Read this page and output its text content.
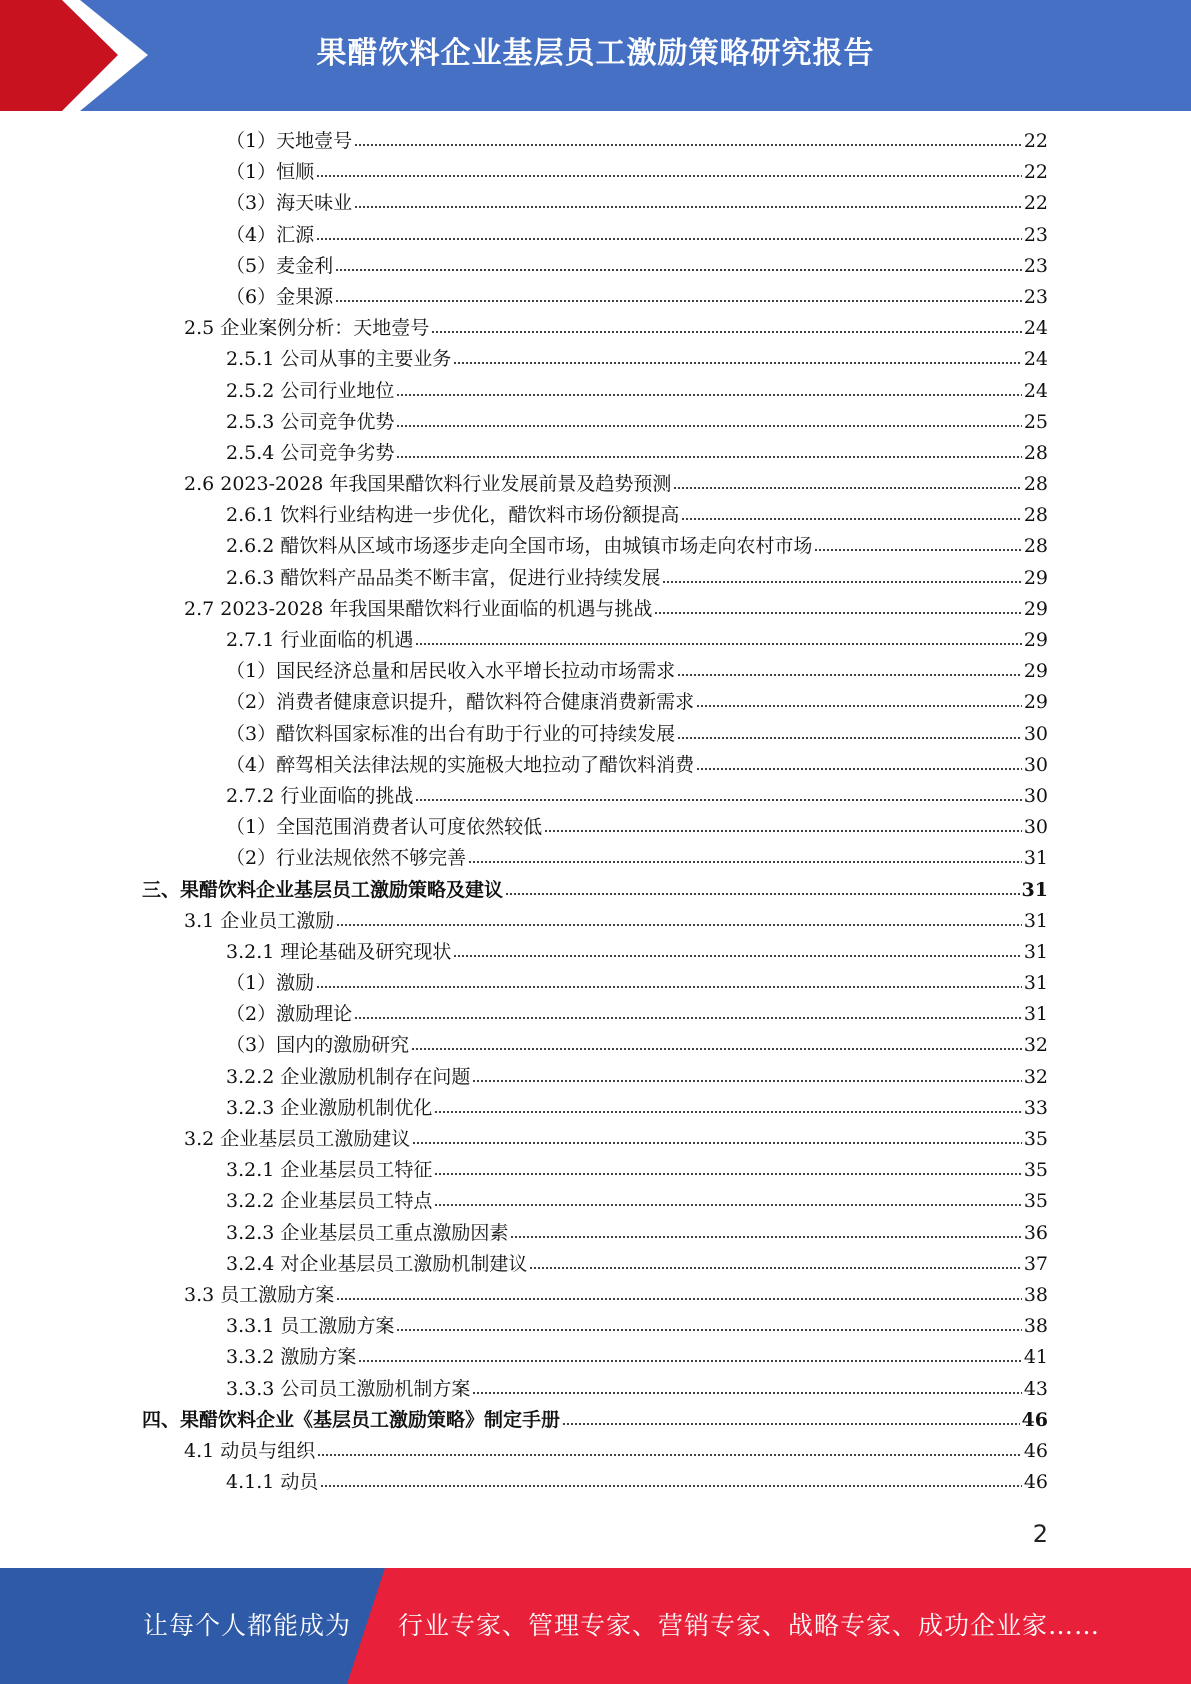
果醋饮料企业基层员工激励策略研究报告
（1）天地壹号	22
（1）恒顺	22
（3）海天味业	22
（4）汇源	23
（5）麦金利	23
（6）金果源	23
2.5 企业案例分析：天地壹号	24
2.5.1 公司从事的主要业务	24
2.5.2 公司行业地位	24
2.5.3 公司竞争优势	25
2.5.4 公司竞争劣势	28
2.6 2023-2028 年我国果醋饮料行业发展前景及趋势预测	28
2.6.1 饮料行业结构进一步优化，醋饮料市场份额提高	28
2.6.2 醋饮料从区域市场逐步走向全国市场，由城镇市场走向农村市场	28
2.6.3 醋饮料产品品类不断丰富，促进行业持续发展	29
2.7 2023-2028 年我国果醋饮料行业面临的机遇与挑战	29
2.7.1 行业面临的机遇	29
（1）国民经济总量和居民收入水平增长拉动市场需求	29
（2）消费者健康意识提升，醋饮料符合健康消费新需求	29
（3）醋饮料国家标准的出台有助于行业的可持续发展	30
（4）醉驾相关法律法规的实施极大地拉动了醋饮料消费	30
2.7.2 行业面临的挑战	30
（1）全国范围消费者认可度依然较低	30
（2）行业法规依然不够完善	31
三、果醋饮料企业基层员工激励策略及建议	31
3.1 企业员工激励	31
3.2.1 理论基础及研究现状	31
（1）激励	31
（2）激励理论	31
（3）国内的激励研究	32
3.2.2 企业激励机制存在问题	32
3.2.3 企业激励机制优化	33
3.2 企业基层员工激励建议	35
3.2.1 企业基层员工特征	35
3.2.2 企业基层员工特点	35
3.2.3 企业基层员工重点激励因素	36
3.2.4 对企业基层员工激励机制建议	37
3.3 员工激励方案	38
3.3.1 员工激励方案	38
3.3.2 激励方案	41
3.3.3 公司员工激励机制方案	43
四、果醋饮料企业《基层员工激励策略》制定手册	46
4.1 动员与组织	46
4.1.1 动员	46
2
让每个人都能成为 行业专家、管理专家、营销专家、战略专家、成功企业家……
